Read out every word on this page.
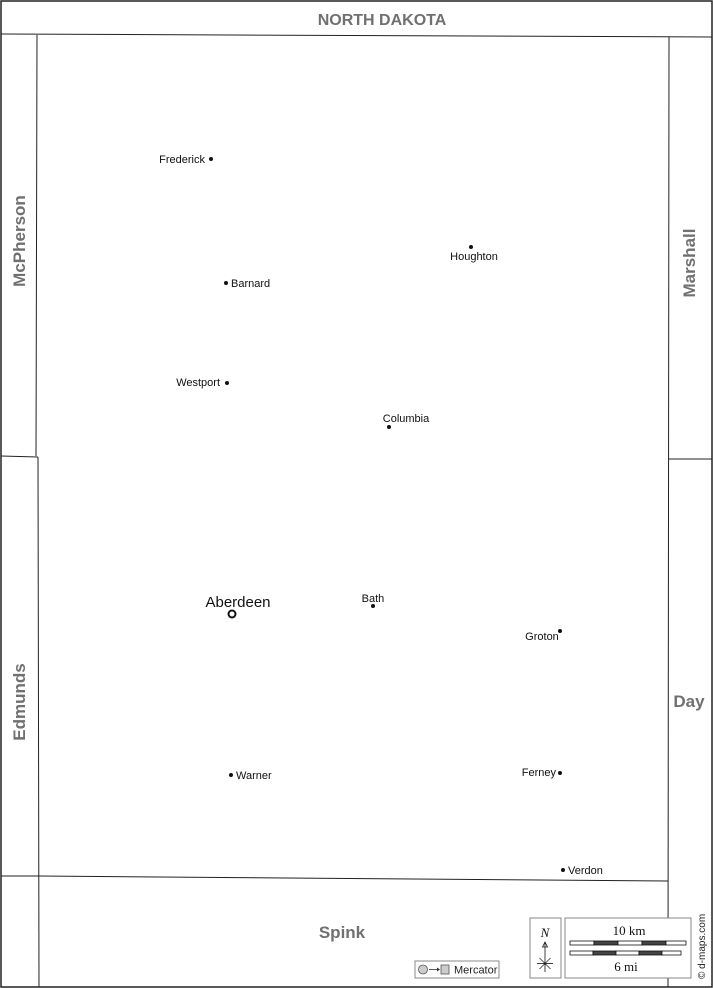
NORTH DAKOTA
McPherson
Edmunds
Marshall
Day
Spink
Frederick
Houghton
Barnard
Westport
Columbia
Aberdeen	Bath
Groton
Warner	Ferney
Verdon
Mercator
N	10 km
6 mi	© d-maps.com
